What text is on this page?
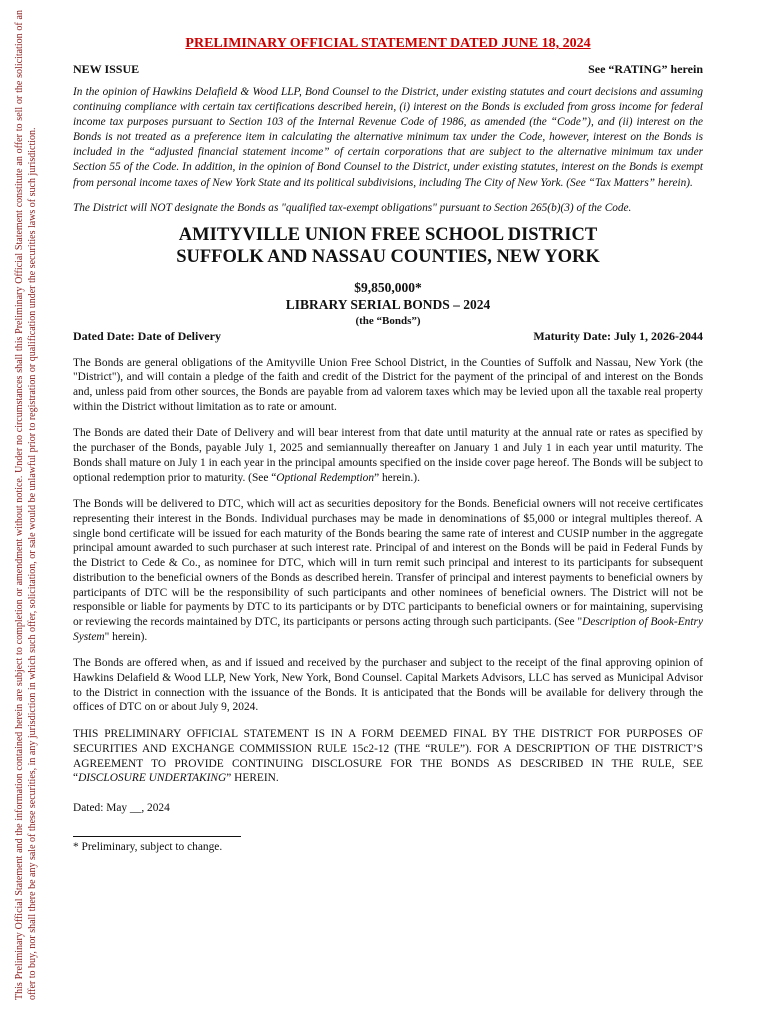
This Preliminary Official Statement and the information contained herein are subject to completion or amendment without notice. Under no circumstances shall this Preliminary Official Statement constitute an offer to sell or the solicitation of an offer to buy, nor shall there be any sale of these securities, in any jurisdiction in which such offer, solicitation, or sale would be unlawful prior to registration or qualification under the securities laws of such jurisdiction.
PRELIMINARY OFFICIAL STATEMENT DATED JUNE 18, 2024
NEW ISSUE	See “RATING” herein

In the opinion of Hawkins Delafield & Wood LLP, Bond Counsel to the District, under existing statutes and court decisions and assuming continuing compliance with certain tax certifications described herein, (i) interest on the Bonds is excluded from gross income for federal income tax purposes pursuant to Section 103 of the Internal Revenue Code of 1986, as amended (the “Code”), and (ii) interest on the Bonds is not treated as a preference item in calculating the alternative minimum tax under the Code, however, interest on the Bonds is included in the “adjusted financial statement income” of certain corporations that are subject to the alternative minimum tax under Section 55 of the Code. In addition, in the opinion of Bond Counsel to the District, under existing statutes, interest on the Bonds is exempt from personal income taxes of New York State and its political subdivisions, including The City of New York. (See “Tax Matters” herein).

The District will NOT designate the Bonds as "qualified tax-exempt obligations" pursuant to Section 265(b)(3) of the Code.

AMITYVILLE UNION FREE SCHOOL DISTRICT
SUFFOLK AND NASSAU COUNTIES, NEW YORK
$9,850,000*
LIBRARY SERIAL BONDS – 2024
(the “Bonds”)
Dated Date: Date of Delivery	Maturity Date: July 1, 2026-2044

The Bonds are general obligations of the Amityville Union Free School District, in the Counties of Suffolk and Nassau, New York (the "District"), and will contain a pledge of the faith and credit of the District for the payment of the principal of and interest on the Bonds and, unless paid from other sources, the Bonds are payable from ad valorem taxes which may be levied upon all the taxable real property within the District without limitation as to rate or amount.

The Bonds are dated their Date of Delivery and will bear interest from that date until maturity at the annual rate or rates as specified by the purchaser of the Bonds, payable July 1, 2025 and semiannually thereafter on January 1 and July 1 in each year until maturity. The Bonds shall mature on July 1 in each year in the principal amounts specified on the inside cover page hereof. The Bonds will be subject to optional redemption prior to maturity. (See “Optional Redemption” herein.).

The Bonds will be delivered to DTC, which will act as securities depository for the Bonds. Beneficial owners will not receive certificates representing their interest in the Bonds. Individual purchases may be made in denominations of $5,000 or integral multiples thereof. A single bond certificate will be issued for each maturity of the Bonds bearing the same rate of interest and CUSIP number in the aggregate principal amount awarded to such purchaser at such interest rate. Principal of and interest on the Bonds will be paid in Federal Funds by the District to Cede & Co., as nominee for DTC, which will in turn remit such principal and interest to its participants for subsequent distribution to the beneficial owners of the Bonds as described herein. Transfer of principal and interest payments to beneficial owners by participants of DTC will be the responsibility of such participants and other nominees of beneficial owners. The District will not be responsible or liable for payments by DTC to its participants or by DTC participants to beneficial owners or for maintaining, supervising or reviewing the records maintained by DTC, its participants or persons acting through such participants. (See "Description of Book-Entry System" herein).

The Bonds are offered when, as and if issued and received by the purchaser and subject to the receipt of the final approving opinion of Hawkins Delafield & Wood LLP, New York, New York, Bond Counsel. Capital Markets Advisors, LLC has served as Municipal Advisor to the District in connection with the issuance of the Bonds. It is anticipated that the Bonds will be available for delivery through the offices of DTC on or about July 9, 2024.

THIS PRELIMINARY OFFICIAL STATEMENT IS IN A FORM DEEMED FINAL BY THE DISTRICT FOR PURPOSES OF SECURITIES AND EXCHANGE COMMISSION RULE 15c2-12 (THE “RULE”). FOR A DESCRIPTION OF THE DISTRICT’S AGREEMENT TO PROVIDE CONTINUING DISCLOSURE FOR THE BONDS AS DESCRIBED IN THE RULE, SEE “DISCLOSURE UNDERTAKING” HEREIN.

Dated: May __, 2024
* Preliminary, subject to change.
